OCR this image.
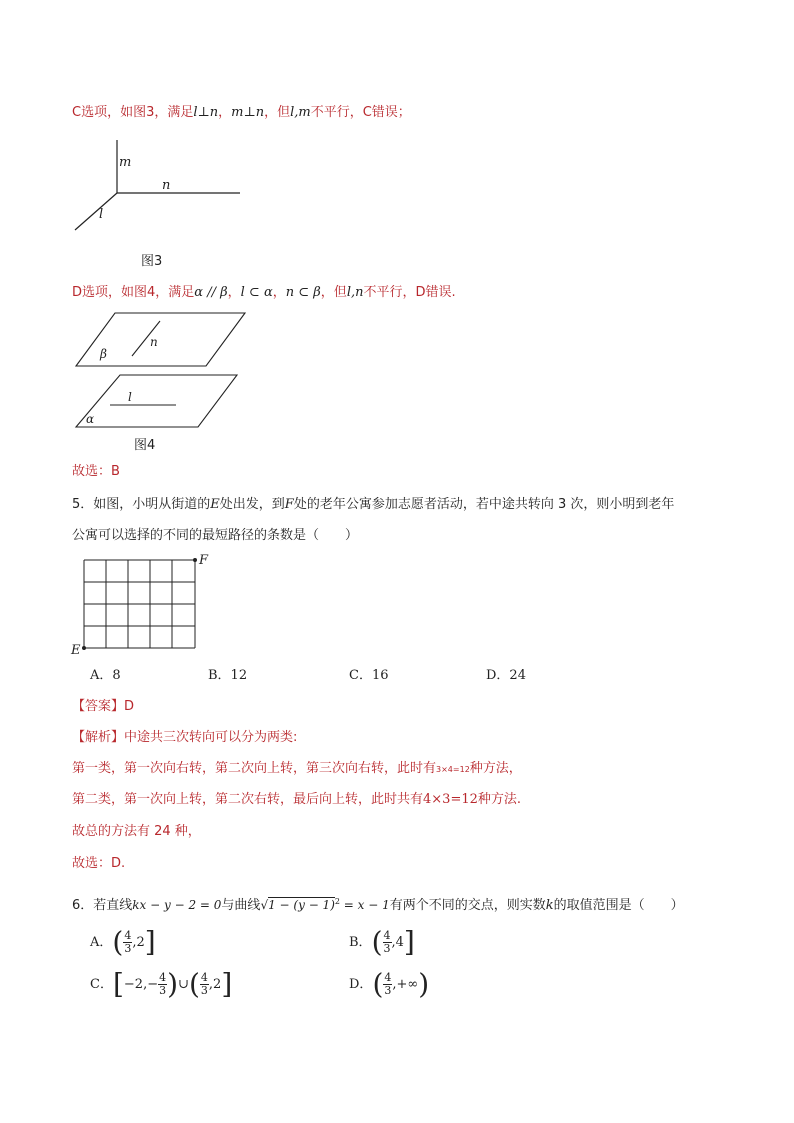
C选项，如图3，满足l⊥n，m⊥n，但l,m不平行，C错误；
m
n
l
图3
D选项，如图4，满足α // β，l ⊂ α，n ⊂ β，但l,n不平行，D错误.
β
n
α
l
图4
故选：B
5．如图，小明从街道的E处出发，到F处的老年公寓参加志愿者活动，若中途共转向 3 次，则小明到老年
公寓可以选择的不同的最短路径的条数是（　　）
F
E
A．8	B．12	C．16	D．24
【答案】D
【解析】中途共三次转向可以分为两类:
第一类，第一次向右转，第二次向上转，第三次向右转，此时有3×4=12种方法，
第二类，第一次向上转，第二次右转，最后向上转，此时共有4×3=12种方法.
故总的方法有 24 种，
故选：D.
6．若直线kx − y − 2 = 0与曲线$√1 - (y - 1)^2 = x - 1$有两个不同的交点，则实数k的取值范围是（　　）
A．( $\frac{4}{3} ,2$]	B．( $\frac{4}{3} ,4$]
C．[$-2,- \frac{4}{3}$ )∪( $\frac{4}{3} ,2$]	D．( $\frac{4}{3}$ ,+∞)
